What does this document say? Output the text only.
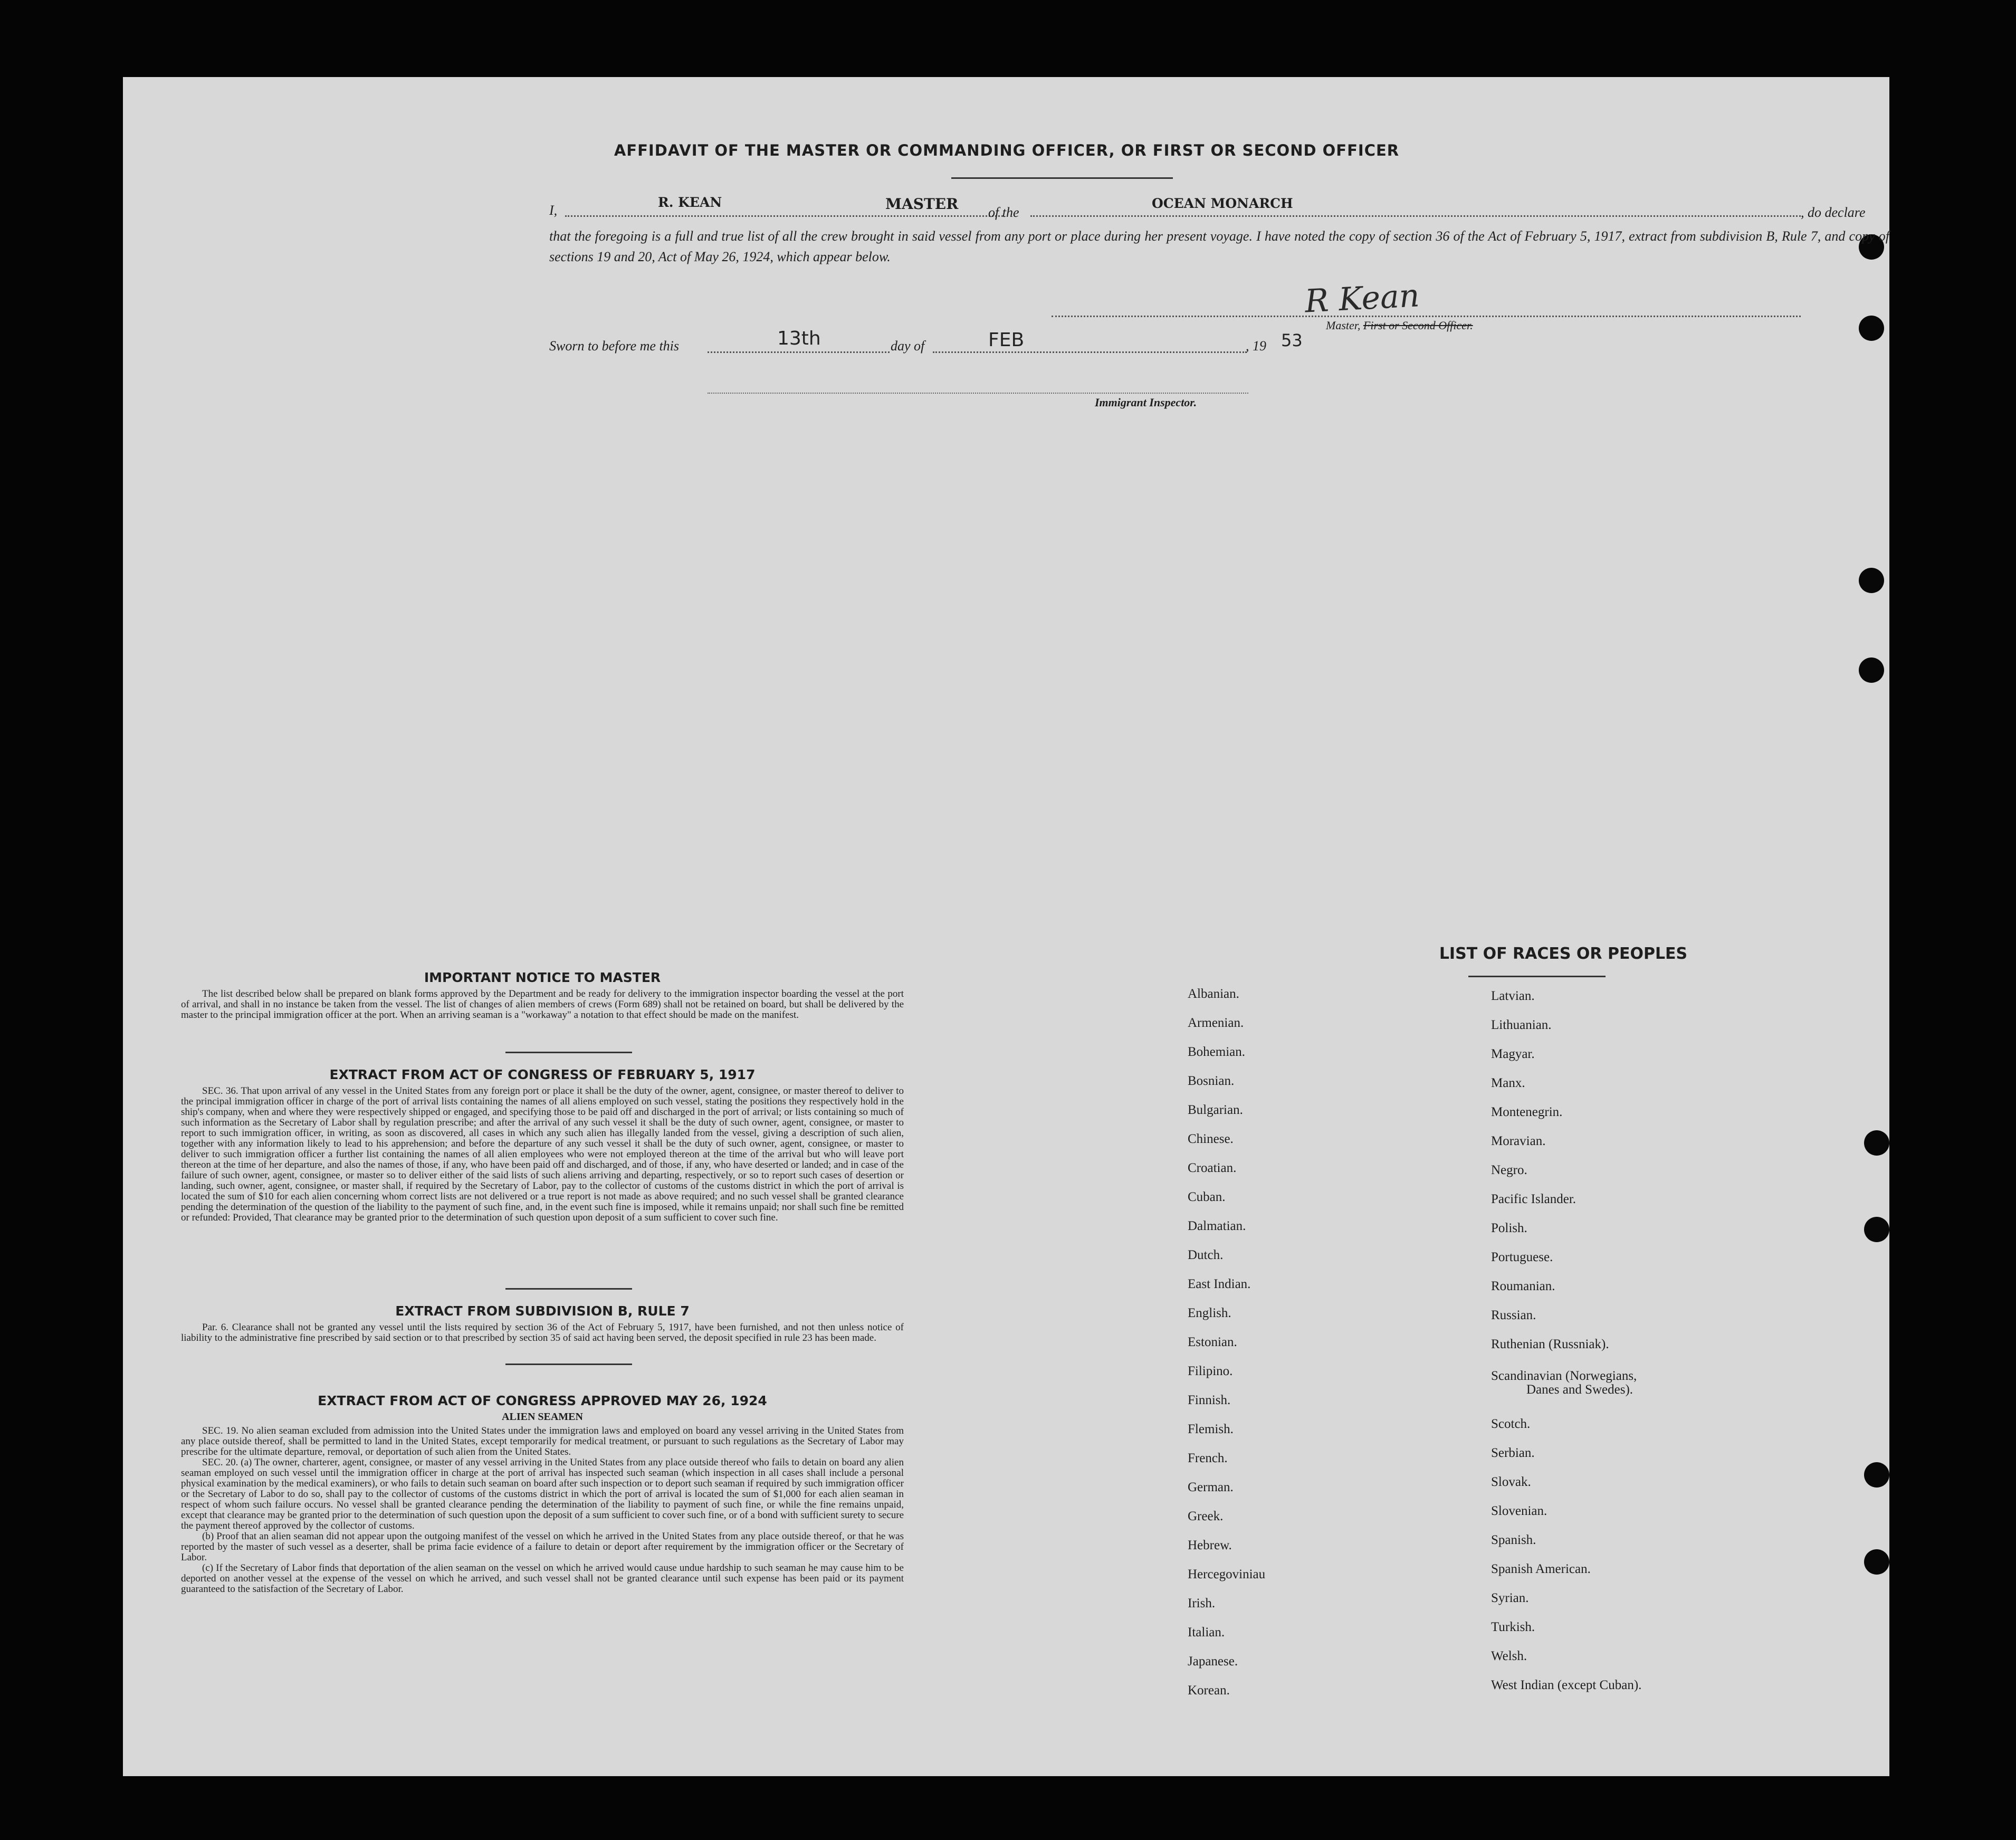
AFFIDAVIT OF THE MASTER OR COMMANDING OFFICER, OR FIRST OR SECOND OFFICER
I,
R. KEAN	MASTER of the
OCEAN MONARCH
, do declare
that the foregoing is a full and true list of all the crew brought in said vessel from any port or place during her present voyage. I have noted the copy of section 36 of the Act of February 5, 1917, extract from subdivision B, Rule 7, and copy of sections 19 and 20, Act of May 26, 1924, which appear below.
R Kean
Master, First or Second Officer.
Sworn to before me this	13th	day of	FEB	, 19 53
Immigrant Inspector.
IMPORTANT NOTICE TO MASTER
The list described below shall be prepared on blank forms approved by the Department and be ready for delivery to the immigration inspector boarding the vessel at the port of arrival, and shall in no instance be taken from the vessel. The list of changes of alien members of crews (Form 689) shall not be retained on board, but shall be delivered by the master to the principal immigration officer at the port. When an arriving seaman is a "workaway" a notation to that effect should be made on the manifest.
EXTRACT FROM ACT OF CONGRESS OF FEBRUARY 5, 1917
SEC. 36. That upon arrival of any vessel in the United States from any foreign port or place it shall be the duty of the owner, agent, consignee, or master thereof to deliver to the principal immigration officer in charge of the port of arrival lists containing the names of all aliens employed on such vessel, stating the positions they respectively hold in the ship's company, when and where they were respectively shipped or engaged, and specifying those to be paid off and discharged in the port of arrival; or lists containing so much of such information as the Secretary of Labor shall by regulation prescribe; and after the arrival of any such vessel it shall be the duty of such owner, agent, consignee, or master to report to such immigration officer, in writing, as soon as discovered, all cases in which any such alien has illegally landed from the vessel, giving a description of such alien, together with any information likely to lead to his apprehension; and before the departure of any such vessel it shall be the duty of such owner, agent, consignee, or master to deliver to such immigration officer a further list containing the names of all alien employees who were not employed thereon at the time of the arrival but who will leave port thereon at the time of her departure, and also the names of those, if any, who have been paid off and discharged, and of those, if any, who have deserted or landed; and in case of the failure of such owner, agent, consignee, or master so to deliver either of the said lists of such aliens arriving and departing, respectively, or so to report such cases of desertion or landing, such owner, agent, consignee, or master shall, if required by the Secretary of Labor, pay to the collector of customs of the customs district in which the port of arrival is located the sum of $10 for each alien concerning whom correct lists are not delivered or a true report is not made as above required; and no such vessel shall be granted clearance pending the determination of the question of the liability to the payment of such fine, and, in the event such fine is imposed, while it remains unpaid; nor shall such fine be remitted or refunded: Provided, That clearance may be granted prior to the determination of such question upon deposit of a sum sufficient to cover such fine.
EXTRACT FROM SUBDIVISION B, RULE 7
Par. 6. Clearance shall not be granted any vessel until the lists required by section 36 of the Act of February 5, 1917, have been furnished, and not then unless notice of liability to the administrative fine prescribed by said section or to that prescribed by section 35 of said act having been served, the deposit specified in rule 23 has been made.
EXTRACT FROM ACT OF CONGRESS APPROVED MAY 26, 1924
ALIEN SEAMEN
SEC. 19. No alien seaman excluded from admission into the United States under the immigration laws and employed on board any vessel arriving in the United States from any place outside thereof, shall be permitted to land in the United States, except temporarily for medical treatment, or pursuant to such regulations as the Secretary of Labor may prescribe for the ultimate departure, removal, or deportation of such alien from the United States.
SEC. 20. (a) The owner, charterer, agent, consignee, or master of any vessel arriving in the United States from any place outside thereof who fails to detain on board any alien seaman employed on such vessel until the immigration officer in charge at the port of arrival has inspected such seaman (which inspection in all cases shall include a personal physical examination by the medical examiners), or who fails to detain such seaman on board after such inspection or to deport such seaman if required by such immigration officer or the Secretary of Labor to do so, shall pay to the collector of customs of the customs district in which the port of arrival is located the sum of $1,000 for each alien seaman in respect of whom such failure occurs. No vessel shall be granted clearance pending the determination of the liability to payment of such fine, or while the fine remains unpaid, except that clearance may be granted prior to the determination of such question upon the deposit of a sum sufficient to cover such fine, or of a bond with sufficient surety to secure the payment thereof approved by the collector of customs.
(b) Proof that an alien seaman did not appear upon the outgoing manifest of the vessel on which he arrived in the United States from any place outside thereof, or that he was reported by the master of such vessel as a deserter, shall be prima facie evidence of a failure to detain or deport after requirement by the immigration officer or the Secretary of Labor.
(c) If the Secretary of Labor finds that deportation of the alien seaman on the vessel on which he arrived would cause undue hardship to such seaman he may cause him to be deported on another vessel at the expense of the vessel on which he arrived, and such vessel shall not be granted clearance until such expense has been paid or its payment guaranteed to the satisfaction of the Secretary of Labor.
LIST OF RACES OR PEOPLES
Albanian.
Armenian.
Bohemian.
Bosnian.
Bulgarian.
Chinese.
Croatian.
Cuban.
Dalmatian.
Dutch.
East Indian.
English.
Estonian.
Filipino.
Finnish.
Flemish.
French.
German.
Greek.
Hebrew.
Hercegoviniau
Irish.
Italian.
Japanese.
Korean.
Latvian.
Lithuanian.
Magyar.
Manx.
Montenegrin.
Moravian.
Negro.
Pacific Islander.
Polish.
Portuguese.
Roumanian.
Russian.
Ruthenian (Russniak).
Scandinavian (Norwegians,
Danes and Swedes).
Scotch.
Serbian.
Slovak.
Slovenian.
Spanish.
Spanish American.
Syrian.
Turkish.
Welsh.
West Indian (except Cuban).
